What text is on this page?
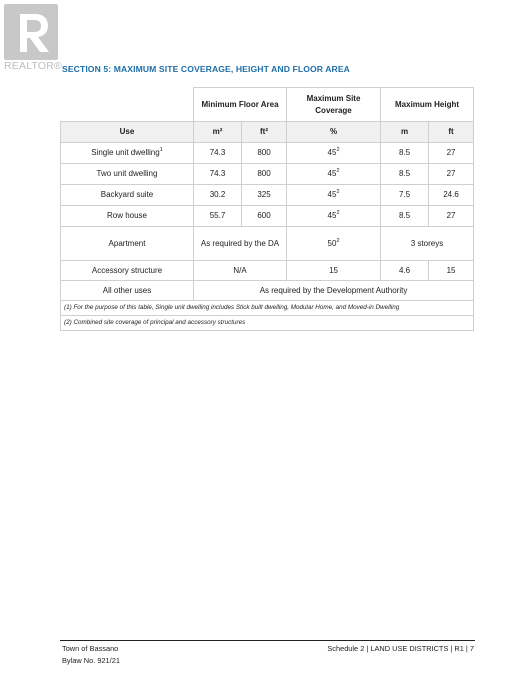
REALTOR® SECTION 5: MAXIMUM SITE COVERAGE, HEIGHT AND FLOOR AREA
	Minimum Floor Area		Maximum Site Coverage	Maximum Height	
Use	m²	ft²	%	m	ft
Single unit dwelling$^1$	74.3	800	$45^2$	8.5	27
Two unit dwelling	74.3	800	$45^2$	8.5	27
Backyard suite	30.2	325	$45^2$	7.5	24.6
Row house	55.7	600	$45^2$	8.5	27
Apartment	As required by the DA		$50^2$	3 storeys	
Accessory structure	N/A		15	4.6	15
All other uses	As required by the Development Authority				
(1) For the purpose of this table, Single unit dwelling includes Stick built dwelling, Modular Home, and Moved-in Dwelling					
(2) Combined site coverage of principal and accessory structures					
Town of Bassano
Bylaw No. 921/21
Schedule 2 | LAND USE DISTRICTS | R1 | 7
